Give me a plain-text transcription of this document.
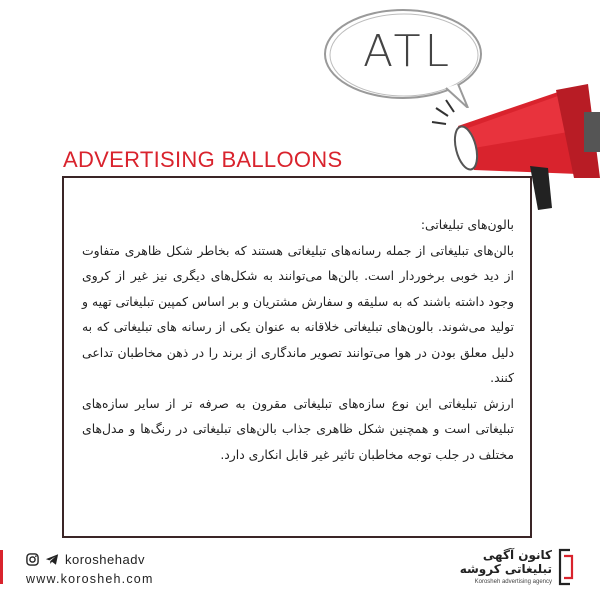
ATL
ADVERTISING BALLOONS

بالون‌های تبلیغاتی:

بالن‌های تبلیغاتی از جمله رسانه‌های تبلیغاتی هستند که بخاطر شکل ظاهری متفاوت از دید خوبی برخوردار است. بالن‌ها می‌توانند به شکل‌های دیگری نیز غیر از کروی وجود داشته باشند که به سلیقه و سفارش مشتریان و بر اساس کمپین تبلیغاتی تهیه و تولید می‌شوند. بالون‌های تبلیغاتی خلاقانه به عنوان یکی از رسانه های تبلیغاتی که به دلیل معلق بودن در هوا می‌توانند تصویر ماندگاری از برند را در ذهن مخاطبان تداعی کنند.

ارزش تبلیغاتی این نوع سازه‌های تبلیغاتی مقرون به صرفه تر از سایر سازه‌های تبلیغاتی است و همچنین شکل ظاهری جذاب بالن‌های تبلیغاتی در رنگ‌ها و مدل‌های مختلف در جلب توجه مخاطبان تاثیر غیر قابل انکاری دارد.

koroshehadv
www.korosheh.com
کانون آگهی
تبلیغاتی کروشه
Korosheh advertising agency
